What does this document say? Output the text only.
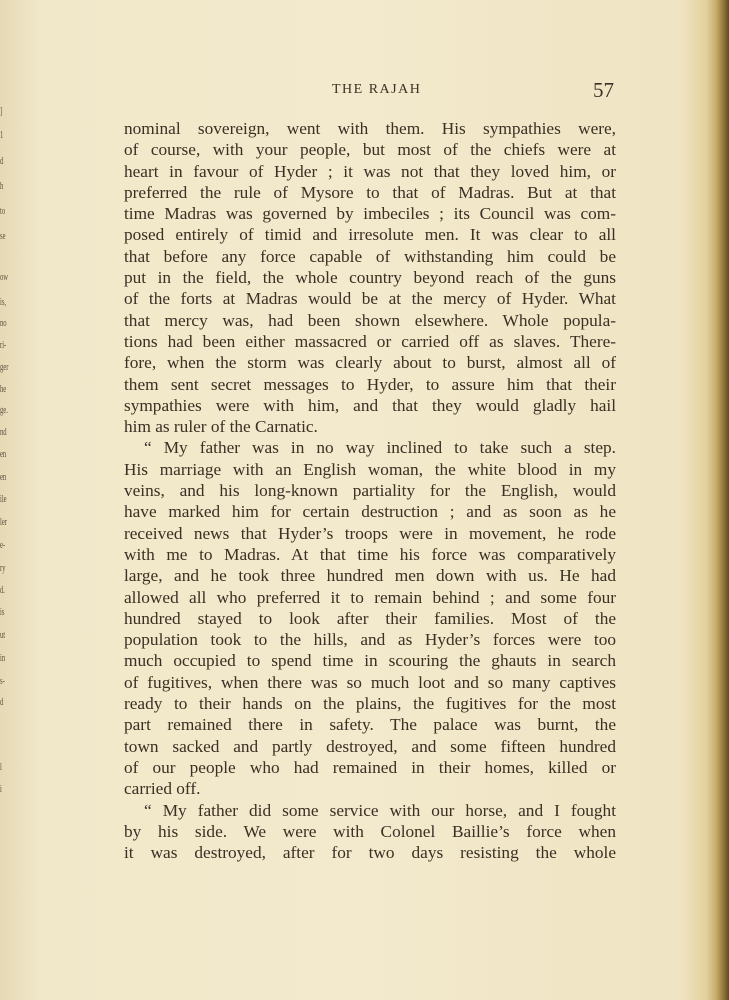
]
1
d
h
to
se
ow
is,
no
ri-
ger
he
ge.
nd
en
en
ile
ler
e-
ry
d.
is
ut
in
s-
d
l
i
THE RAJAH	57
nominal sovereign, went with them. His sympathies were,
of course, with your people, but most of the chiefs were at
heart in favour of Hyder ; it was not that they loved him, or
preferred the rule of Mysore to that of Madras. But at that
time Madras was governed by imbeciles ; its Council was com-
posed entirely of timid and irresolute men. It was clear to all
that before any force capable of withstanding him could be
put in the field, the whole country beyond reach of the guns
of the forts at Madras would be at the mercy of Hyder. What
that mercy was, had been shown elsewhere. Whole popula-
tions had been either massacred or carried off as slaves. There-
fore, when the storm was clearly about to burst, almost all of
them sent secret messages to Hyder, to assure him that their
sympathies were with him, and that they would gladly hail
him as ruler of the Carnatic.
“ My father was in no way inclined to take such a step.
His marriage with an English woman, the white blood in my
veins, and his long-known partiality for the English, would
have marked him for certain destruction ; and as soon as he
received news that Hyder’s troops were in movement, he rode
with me to Madras. At that time his force was comparatively
large, and he took three hundred men down with us. He had
allowed all who preferred it to remain behind ; and some four
hundred stayed to look after their families. Most of the
population took to the hills, and as Hyder’s forces were too
much occupied to spend time in scouring the ghauts in search
of fugitives, when there was so much loot and so many captives
ready to their hands on the plains, the fugitives for the most
part remained there in safety. The palace was burnt, the
town sacked and partly destroyed, and some fifteen hundred
of our people who had remained in their homes, killed or
carried off.
“ My father did some service with our horse, and I fought
by his side. We were with Colonel Baillie’s force when
it was destroyed, after for two days resisting the whole
